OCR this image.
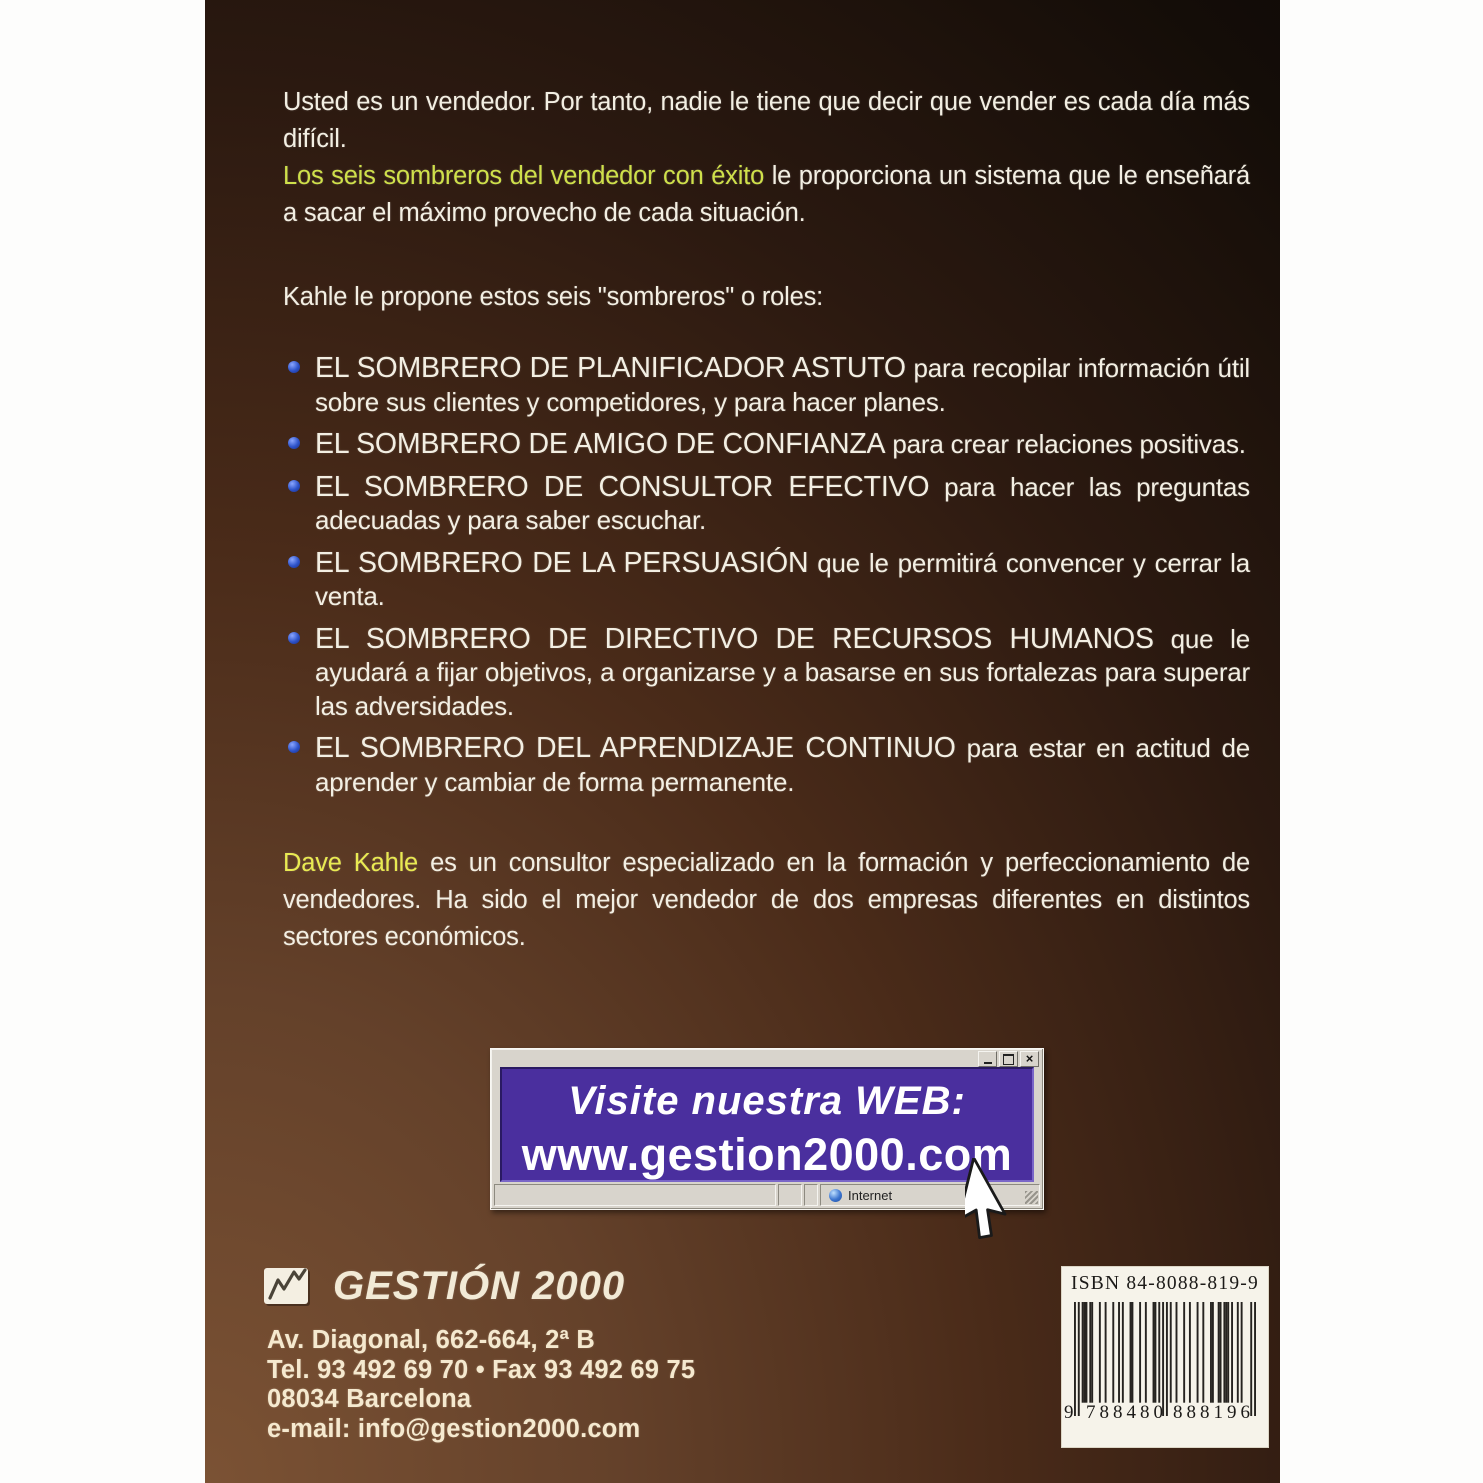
Usted es un vendedor. Por tanto, nadie le tiene que decir que vender es cada día más difícil.
Los seis sombreros del vendedor con éxito le proporciona un sistema que le enseñará a sacar el máximo provecho de cada situación.
Kahle le propone estos seis "sombreros" o roles:
EL SOMBRERO DE PLANIFICADOR ASTUTO para recopilar información útil sobre sus clientes y competidores, y para hacer planes.
EL SOMBRERO DE AMIGO DE CONFIANZA para crear relaciones positivas.
EL SOMBRERO DE CONSULTOR EFECTIVO para hacer las preguntas adecuadas y para saber escuchar.
EL SOMBRERO DE LA PERSUASIÓN que le permitirá convencer y cerrar la venta.
EL SOMBRERO DE DIRECTIVO DE RECURSOS HUMANOS que le ayudará a fijar objetivos, a organizarse y a basarse en sus fortalezas para superar las adversidades.
EL SOMBRERO DEL APRENDIZAJE CONTINUO para estar en actitud de aprender y cambiar de forma permanente.
Dave Kahle es un consultor especializado en la formación y perfeccionamiento de vendedores. Ha sido el mejor vendedor de dos empresas diferentes en distintos sectores económicos.
×
Visite nuestra WEB:
www.gestion2000.com
Internet
GESTIÓN 2000
Av. Diagonal, 662-664, 2ª B
Tel. 93 492 69 70 • Fax 93 492 69 75
08034 Barcelona
e-mail: info@gestion2000.com
ISBN 84-8088-819-9
9 788480 888196
